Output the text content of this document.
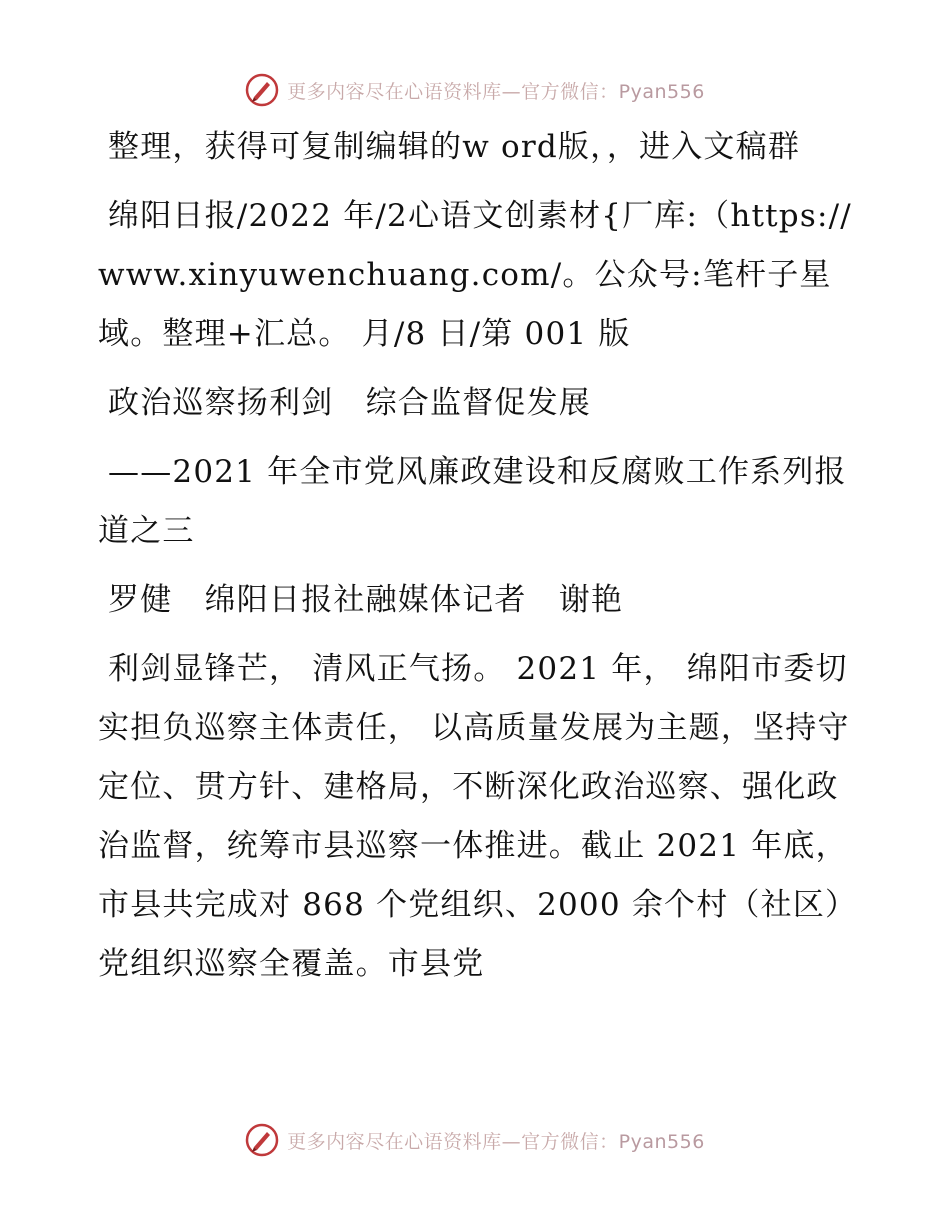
更多内容尽在心语资料库—官方微信：Pyan556

整理，获得可复制编辑的w ord版，，进入文稿群

绵阳日报/2022 年/2心语文创素材{厂库:（https://www.xinyuwenchuang.com/。公众号:笔杆子星域。整理+汇总。 月/8 日/第 001 版

政治巡察扬利剑　综合监督促发展

——2021 年全市党风廉政建设和反腐败工作系列报道之三

罗健　绵阳日报社融媒体记者　谢艳

利剑显锋芒， 清风正气扬。 2021 年， 绵阳市委切实担负巡察主体责任， 以高质量发展为主题，坚持守定位、贯方针、建格局，不断深化政治巡察、强化政治监督，统筹市县巡察一体推进。截止 2021 年底，市县共完成对 868 个党组织、2000 余个村（社区）党组织巡察全覆盖。市县党

更多内容尽在心语资料库—官方微信：Pyan556
